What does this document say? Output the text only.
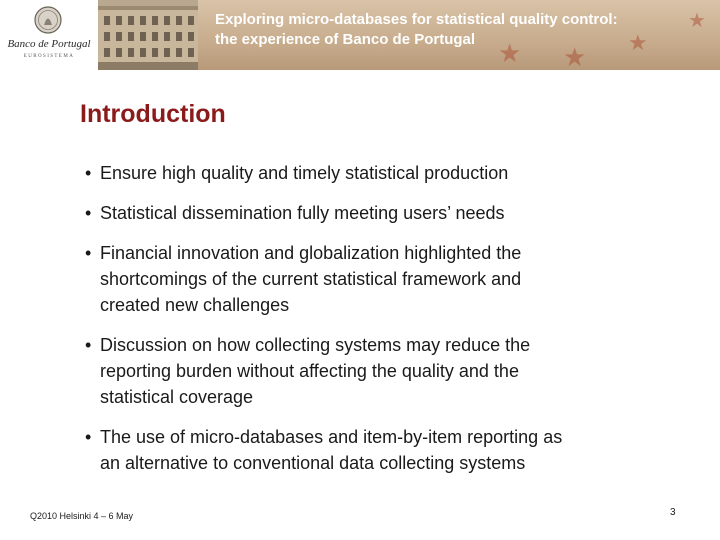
Banco de Portugal
EUROSISTEMA	★ ★ ★
★
Exploring micro-databases for statistical quality control:
the experience of Banco de Portugal
Introduction
• Ensure high quality and timely statistical production
• Statistical dissemination fully meeting users’ needs
• Financial innovation and globalization highlighted the
shortcomings of the current statistical framework and
created new challenges
• Discussion on how collecting systems may reduce the
reporting burden without affecting the quality and the
statistical coverage
• The use of micro-databases and item-by-item reporting as
an alternative to conventional data collecting systems
Q2010 Helsinki 4 – 6 May	3
